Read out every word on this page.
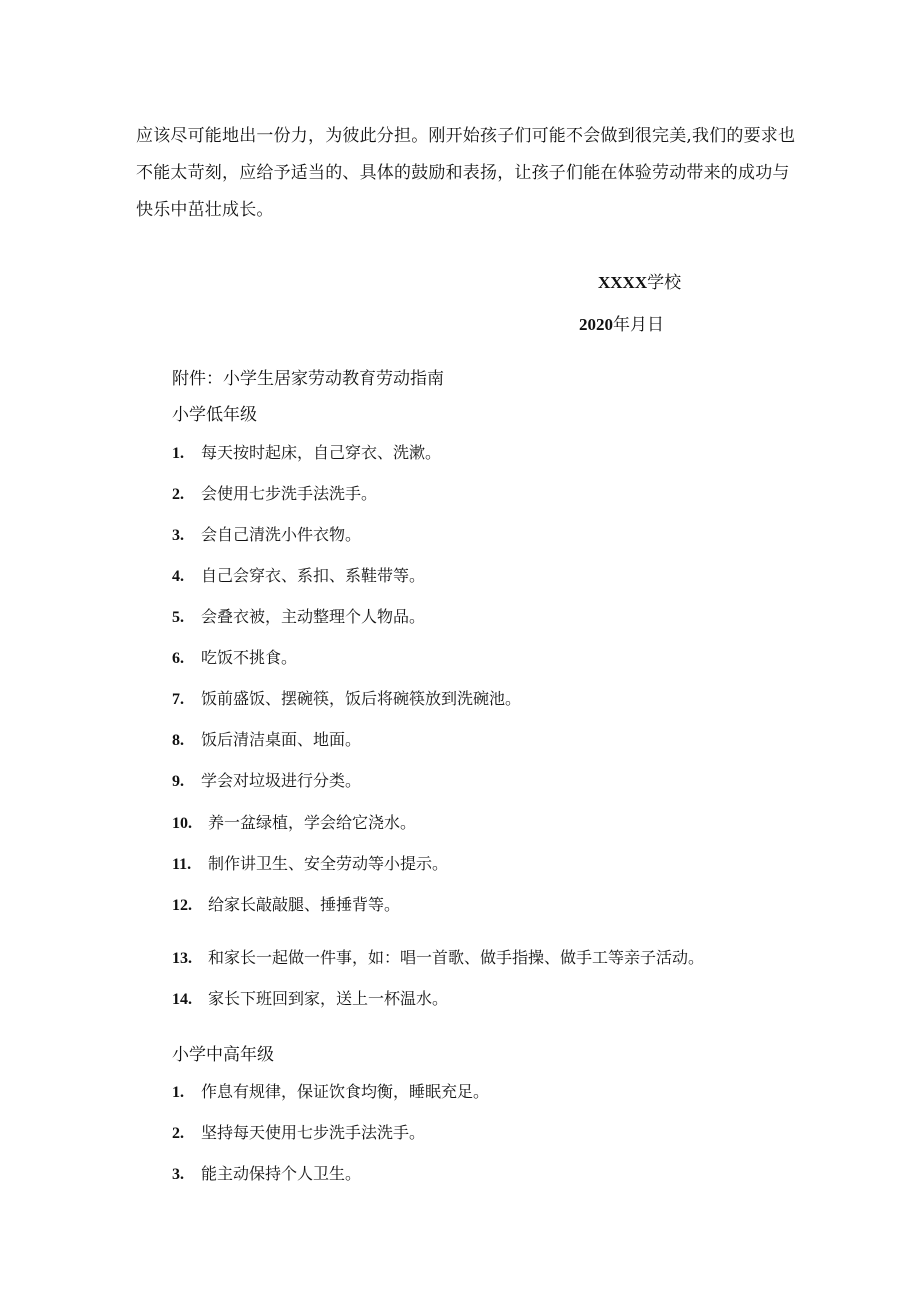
应该尽可能地出一份力，为彼此分担。刚开始孩子们可能不会做到很完美,我们的要求也
不能太苛刻，应给予适当的、具体的鼓励和表扬，让孩子们能在体验劳动带来的成功与
快乐中茁壮成长。
XXXX学校
2020年月日
附件：小学生居家劳动教育劳动指南
小学低年级
1. 每天按时起床，自己穿衣、洗漱。
2. 会使用七步洗手法洗手。
3. 会自己清洗小件衣物。
4. 自己会穿衣、系扣、系鞋带等。
5. 会叠衣被，主动整理个人物品。
6. 吃饭不挑食。
7. 饭前盛饭、摆碗筷，饭后将碗筷放到洗碗池。
8. 饭后清洁桌面、地面。
9. 学会对垃圾进行分类。
10. 养一盆绿植，学会给它浇水。
11. 制作讲卫生、安全劳动等小提示。
12. 给家长敲敲腿、捶捶背等。
13. 和家长一起做一件事，如：唱一首歌、做手指操、做手工等亲子活动。
14. 家长下班回到家，送上一杯温水。
小学中高年级
1. 作息有规律，保证饮食均衡，睡眠充足。
2. 坚持每天使用七步洗手法洗手。
3. 能主动保持个人卫生。
